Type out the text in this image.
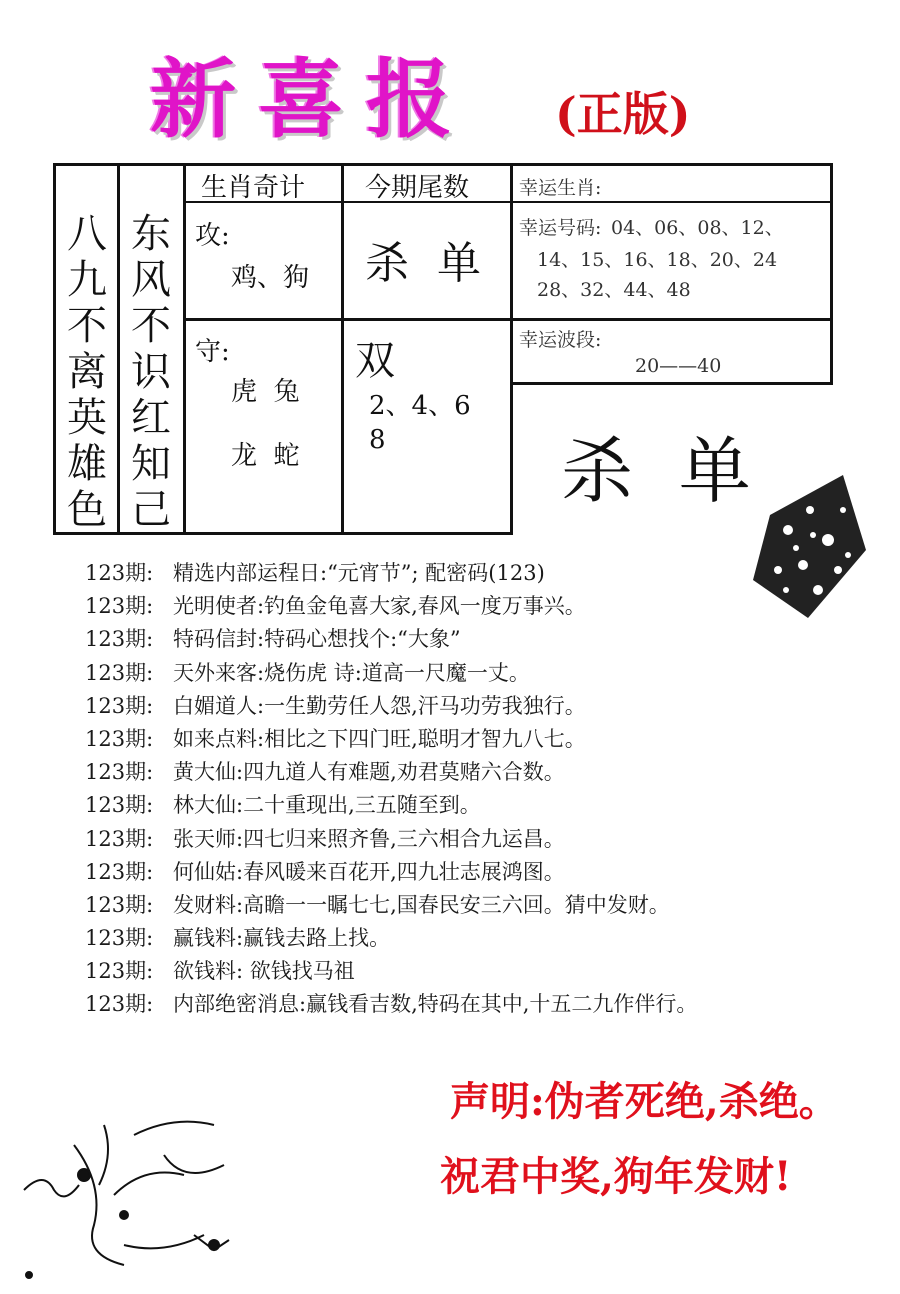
新喜报 (正版)
八九不离英雄色
东风不识红知己
生肖奇计 今期尾数
攻:
鸡、狗 杀  单
守:
虎  兔
龙  蛇
双
2、4、6
8
幸运生肖:
幸运号码: 04、06、08、12、
14、15、16、18、20、24
28、32、44、48
幸运波段:
20——40
杀  单
123期: 精选内部运程日:“元宵节”; 配密码(123)
123期: 光明使者:钓鱼金龟喜大家,春风一度万事兴。
123期: 特码信封:特码心想找个:“大象”
123期: 天外来客:烧伤虎 诗:道高一尺魔一丈。
123期: 白媚道人:一生勤劳任人怨,汗马功劳我独行。
123期: 如来点料:相比之下四门旺,聪明才智九八七。
123期: 黄大仙:四九道人有难题,劝君莫赌六合数。
123期: 林大仙:二十重现出,三五随至到。
123期: 张天师:四七归来照齐鲁,三六相合九运昌。
123期: 何仙姑:春风暖来百花开,四九壮志展鸿图。
123期: 发财料:高瞻一一瞩七七,国春民安三六回。猜中发财。
123期: 赢钱料:赢钱去路上找。
123期: 欲钱料: 欲钱找马祖
123期: 内部绝密消息:赢钱看吉数,特码在其中,十五二九作伴行。
声明:伪者死绝,杀绝。
祝君中奖,狗年发财!
